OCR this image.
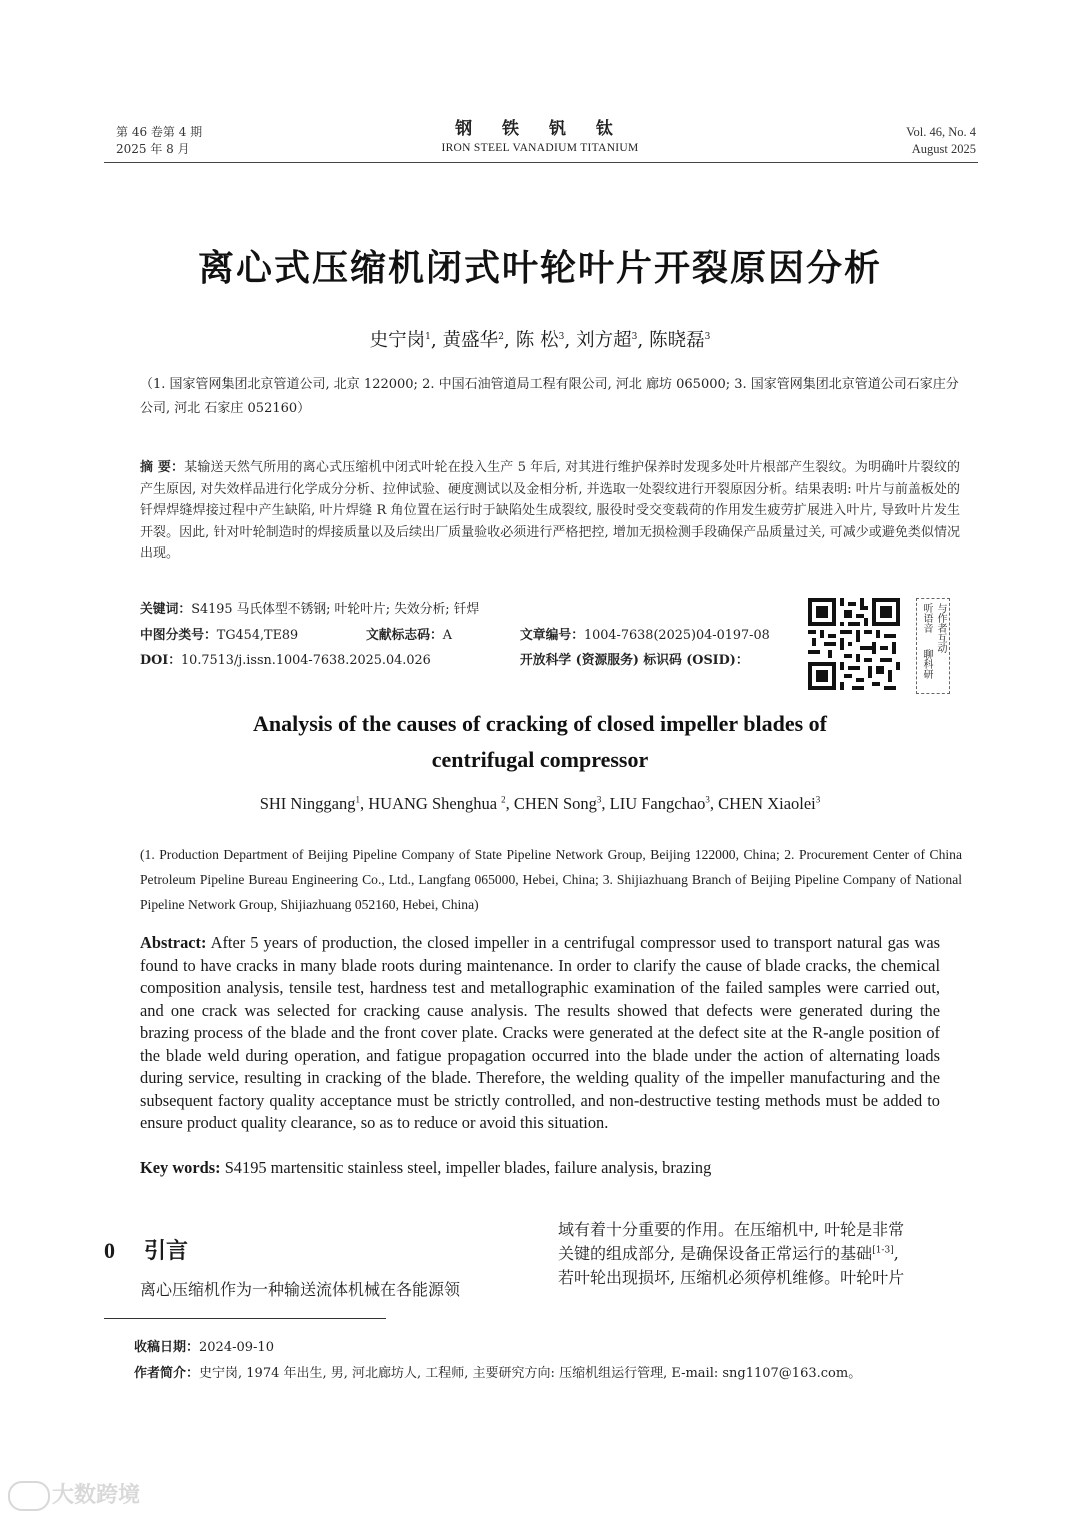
第 46 卷第 4 期
2025 年 8 月
钢 铁 钒 钛
IRON STEEL VANADIUM TITANIUM
Vol. 46, No. 4
August 2025
离心式压缩机闭式叶轮叶片开裂原因分析
史宁岗$^1$, 黄盛华$^2$, 陈 松$^3$, 刘方超$^3$, 陈晓磊$^3$
（1. 国家管网集团北京管道公司, 北京 122000; 2. 中国石油管道局工程有限公司, 河北 廊坊 065000; 3. 国家管网集团北京管道公司石家庄分公司, 河北 石家庄 052160）
摘 要：某输送天然气所用的离心式压缩机中闭式叶轮在投入生产 5 年后, 对其进行维护保养时发现多处叶片根部产生裂纹。为明确叶片裂纹的产生原因, 对失效样品进行化学成分分析、拉伸试验、硬度测试以及金相分析, 并选取一处裂纹进行开裂原因分析。结果表明: 叶片与前盖板处的钎焊焊缝焊接过程中产生缺陷, 叶片焊缝 R 角位置在运行时于缺陷处生成裂纹, 服役时受交变载荷的作用发生疲劳扩展进入叶片, 导致叶片发生开裂。因此, 针对叶轮制造时的焊接质量以及后续出厂质量验收必须进行严格把控, 增加无损检测手段确保产品质量过关, 可减少或避免类似情况出现。
关键词：S4195 马氏体型不锈钢; 叶轮叶片; 失效分析; 钎焊
中图分类号：TG454,TE89	文献标志码：A	文章编号：1004-7638(2025)04-0197-08
DOI：10.7513/j.issn.1004-7638.2025.04.026	开放科学 (资源服务) 标识码 (OSID)：
听语音 与作者互动
聊科研
Analysis of the causes of cracking of closed impeller blades of
centrifugal compressor
SHI Ninggang$^1$, HUANG Shenghua $^2$, CHEN Song$^3$, LIU Fangchao$^3$, CHEN Xiaolei$^3$
(1. Production Department of Beijing Pipeline Company of State Pipeline Network Group, Beijing 122000, China; 2. Procurement Center of China Petroleum Pipeline Bureau Engineering Co., Ltd., Langfang 065000, Hebei, China; 3. Shijiazhuang Branch of Beijing Pipeline Company of National Pipeline Network Group, Shijiazhuang 052160, Hebei, China)
Abstract: After 5 years of production, the closed impeller in a centrifugal compressor used to transport natural gas was found to have cracks in many blade roots during maintenance. In order to clarify the cause of blade cracks, the chemical composition analysis, tensile test, hardness test and metallographic examination of the failed samples were carried out, and one crack was selected for cracking cause analysis. The results showed that defects were generated during the brazing process of the blade and the front cover plate. Cracks were generated at the defect site at the R-angle position of the blade weld during operation, and fatigue propagation occurred into the blade under the action of alternating loads during service, resulting in cracking of the blade. Therefore, the welding quality of the impeller manufacturing and the subsequent factory quality acceptance must be strictly controlled, and non-destructive testing methods must be added to ensure product quality clearance, so as to reduce or avoid this situation.
Key words: S4195 martensitic stainless steel, impeller blades, failure analysis, brazing
0 引言
离心压缩机作为一种输送流体机械在各能源领
域有着十分重要的作用。在压缩机中, 叶轮是非常
关键的组成部分, 是确保设备正常运行的基础[1-3],
若叶轮出现损坏, 压缩机必须停机维修。叶轮叶片
收稿日期：2024-09-10
作者简介：史宁岗, 1974 年出生, 男, 河北廊坊人, 工程师, 主要研究方向: 压缩机组运行管理, E-mail: sng1107@163.com。
大数跨境
